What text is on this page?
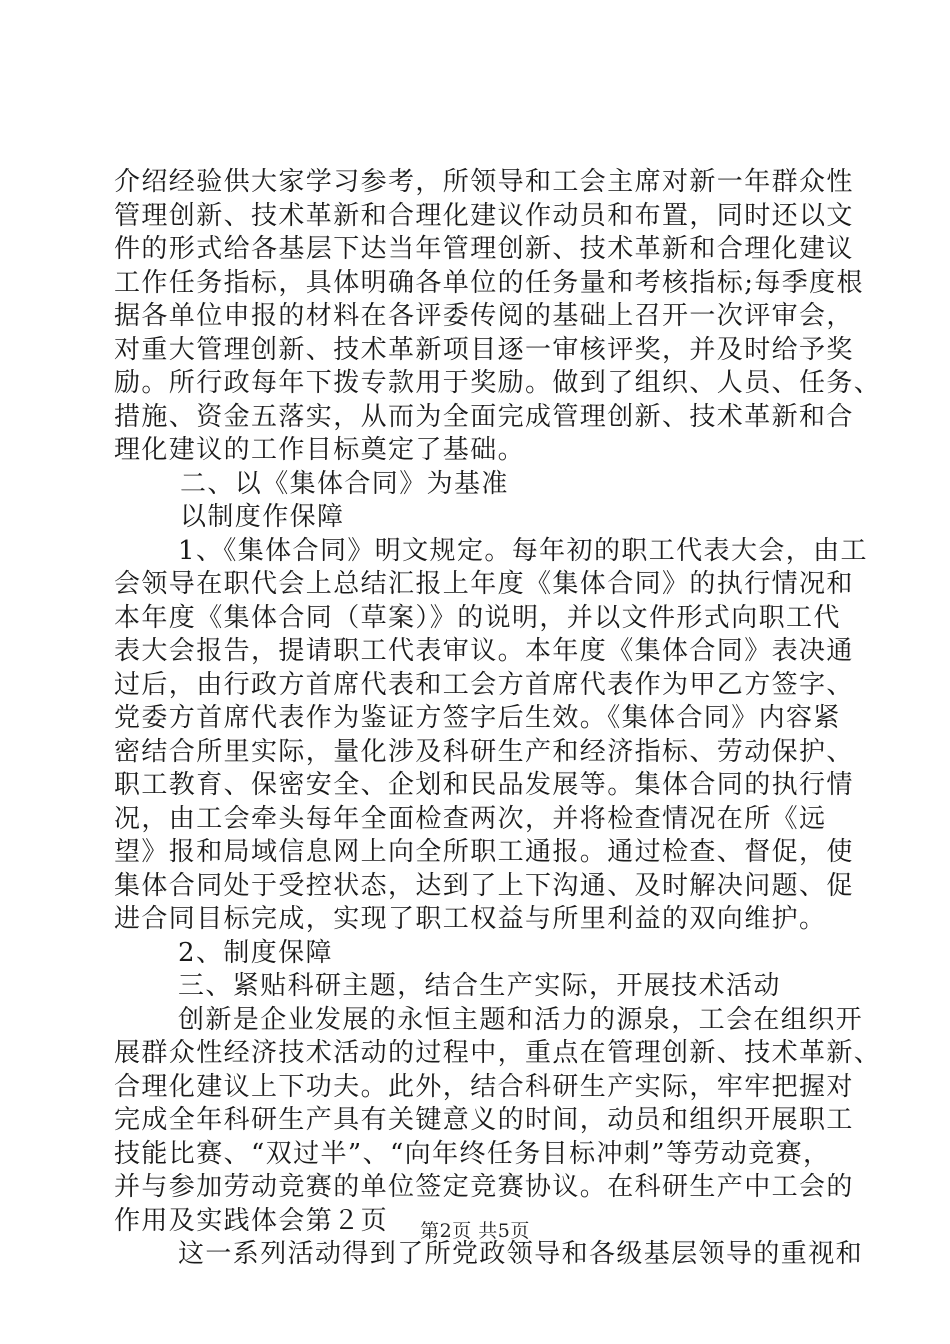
介绍经验供大家学习参考，所领导和工会主席对新一年群众性
管理创新、技术革新和合理化建议作动员和布置，同时还以文
件的形式给各基层下达当年管理创新、技术革新和合理化建议
工作任务指标，具体明确各单位的任务量和考核指标;每季度根
据各单位申报的材料在各评委传阅的基础上召开一次评审会，
对重大管理创新、技术革新项目逐一审核评奖，并及时给予奖
励。所行政每年下拨专款用于奖励。做到了组织、人员、任务、
措施、资金五落实，从而为全面完成管理创新、技术革新和合
理化建议的工作目标奠定了基础。
二、以《集体合同》为基准
以制度作保障
1、《集体合同》明文规定。每年初的职工代表大会，由工
会领导在职代会上总结汇报上年度《集体合同》的执行情况和
本年度《集体合同（草案）》的说明，并以文件形式向职工代
表大会报告，提请职工代表审议。本年度《集体合同》表决通
过后，由行政方首席代表和工会方首席代表作为甲乙方签字、
党委方首席代表作为鉴证方签字后生效。《集体合同》内容紧
密结合所里实际，量化涉及科研生产和经济指标、劳动保护、
职工教育、保密安全、企划和民品发展等。集体合同的执行情
况，由工会牵头每年全面检查两次，并将检查情况在所《远
望》报和局域信息网上向全所职工通报。通过检查、督促，使
集体合同处于受控状态，达到了上下沟通、及时解决问题、促
进合同目标完成，实现了职工权益与所里利益的双向维护。
2、制度保障
三、紧贴科研主题，结合生产实际，开展技术活动
创新是企业发展的永恒主题和活力的源泉，工会在组织开
展群众性经济技术活动的过程中，重点在管理创新、技术革新、
合理化建议上下功夫。此外，结合科研生产实际，牢牢把握对
完成全年科研生产具有关键意义的时间，动员和组织开展职工
技能比赛、“双过半”、“向年终任务目标冲刺”等劳动竞赛，
并与参加劳动竞赛的单位签定竞赛协议。在科研生产中工会的
作用及实践体会第２页
这一系列活动得到了所党政领导和各级基层领导的重视和
第2页 共5页
